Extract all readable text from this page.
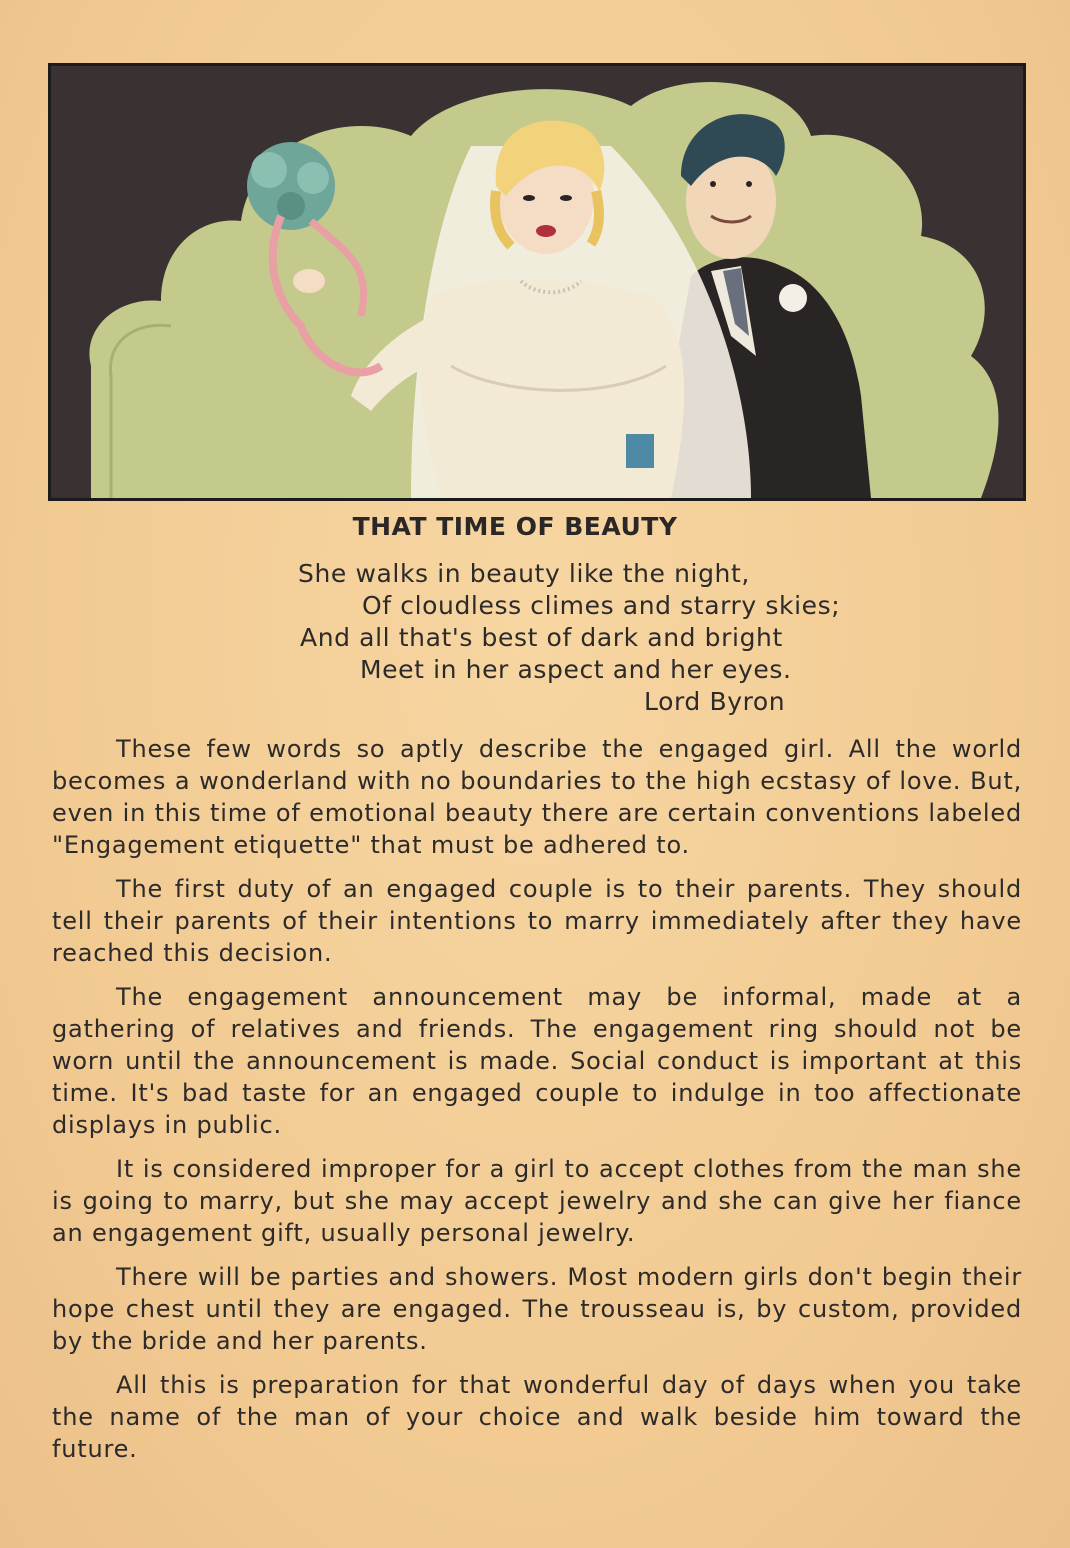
THAT TIME OF BEAUTY
She walks in beauty like the night,
Of cloudless climes and starry skies;
And all that's best of dark and bright
Meet in her aspect and her eyes.
Lord Byron

These few words so aptly describe the engaged girl. All the world becomes a wonderland with no boundaries to the high ecstasy of love. But, even in this time of emotional beauty there are certain conventions labeled "Engagement etiquette" that must be adhered to.

The first duty of an engaged couple is to their parents. They should tell their parents of their intentions to marry immediately after they have reached this decision.

The engagement announcement may be informal, made at a gathering of relatives and friends. The engagement ring should not be worn until the announcement is made. Social conduct is important at this time. It's bad taste for an engaged couple to indulge in too affectionate displays in public.

It is considered improper for a girl to accept clothes from the man she is going to marry, but she may accept jewelry and she can give her fiance an engagement gift, usually personal jewelry.

There will be parties and showers. Most modern girls don't begin their hope chest until they are engaged. The trousseau is, by custom, provided by the bride and her parents.

All this is preparation for that wonderful day of days when you take the name of the man of your choice and walk beside him toward the future.
